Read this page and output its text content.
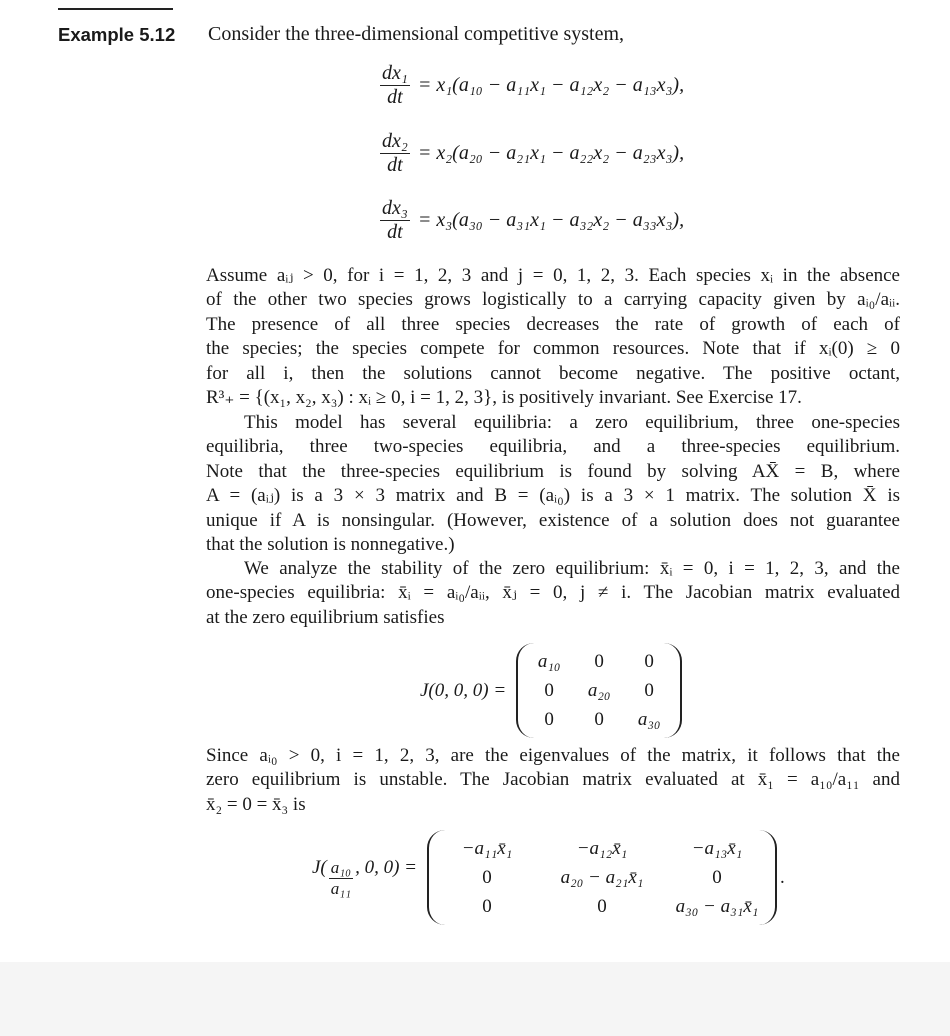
Example 5.12 Consider the three-dimensional competitive system,
$\frac{\text{dx₁}}{dt} = x_1(a_{10} - a_{11}x_1 - a_{12}x_2 - a_{13}x_3)$,
$\frac{\text{dx₂}}{dt} = x_2(a_{20} - a_{21}x_1 - a_{22}x_2 - a_{23}x_3)$,
$\frac{\text{dx₃}}{dt} = x_3(a_{30} - a_{31}x_1 - a_{32}x_2 - a_{33}x_3)$,
Assume aᵢⱼ > 0, for i = 1, 2, 3 and j = 0, 1, 2, 3. Each species xᵢ in the absence
of the other two species grows logistically to a carrying capacity given by aᵢ₀/aᵢᵢ.
The presence of all three species decreases the rate of growth of each of
the species; the species compete for common resources. Note that if xᵢ(0) ≥ 0
for all i, then the solutions cannot become negative. The positive octant,
R³₊ = {(x₁, x₂, x₃) : xᵢ ≥ 0, i = 1, 2, 3}, is positively invariant. See Exercise 17.
This model has several equilibria: a zero equilibrium, three one-species
equilibria, three two-species equilibria, and a three-species equilibrium.
Note that the three-species equilibrium is found by solving AX̄ = B, where
A = (aᵢⱼ) is a 3 × 3 matrix and B = (aᵢ₀) is a 3 × 1 matrix. The solution X̄ is
unique if A is nonsingular. (However, existence of a solution does not guarantee
that the solution is nonnegative.)
We analyze the stability of the zero equilibrium: x̄ᵢ = 0, i = 1, 2, 3, and the
one-species equilibria: x̄ᵢ = aᵢ₀/aᵢᵢ, x̄ⱼ = 0, j ≠ i. The Jacobian matrix evaluated
at the zero equilibrium satisfies
J(0, 0, 0) =
a₁₀	0	0
0	a₂₀	0
0	0	a₃₀
Since aᵢ₀ > 0, i = 1, 2, 3, are the eigenvalues of the matrix, it follows that the
zero equilibrium is unstable. The Jacobian matrix evaluated at x̄₁ = a₁₀/a₁₁ and
x̄₂ = 0 = x̄₃ is
$J( \frac{\text{a₁₀}}{\text{a₁₁}}$ , 0, 0) =
−a₁₁x̄₁	−a₁₂x̄₁	−a₁₃x̄₁
0	a₂₀ − a₂₁x̄₁	0
0	0	a₃₀ − a₃₁x̄₁
.
